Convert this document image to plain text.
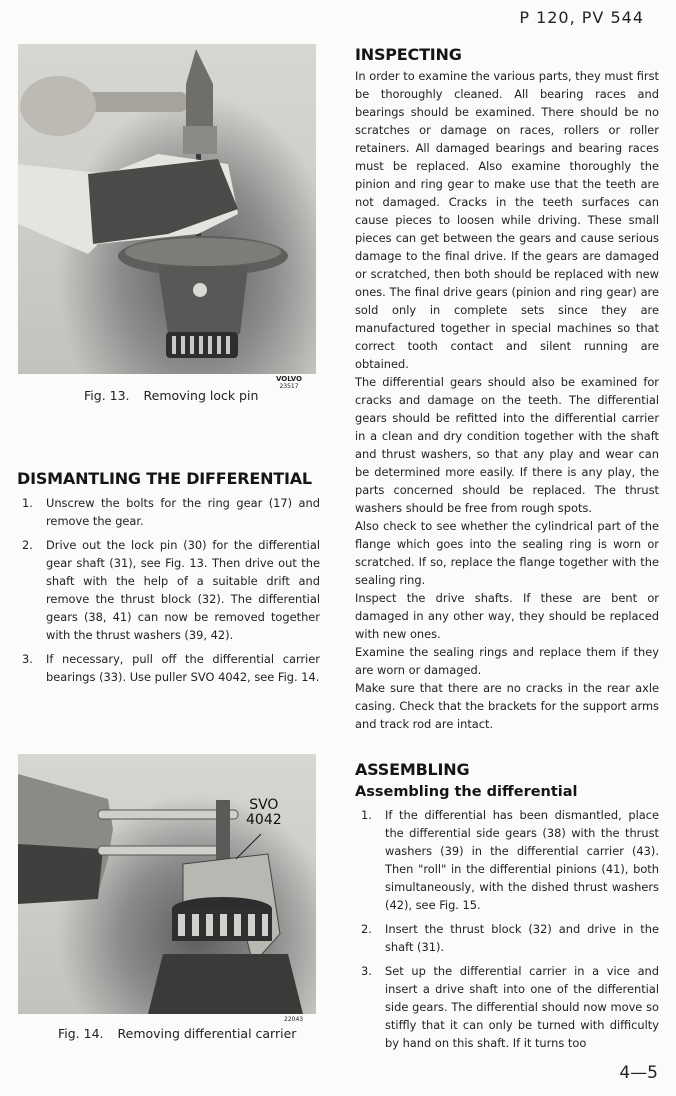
P 120, PV 544
VOLVO
23517
Fig. 13. Removing lock pin
DISMANTLING THE DIFFERENTIAL
1. Unscrew the bolts for the ring gear (17) and remove the gear.
2. Drive out the lock pin (30) for the differential gear shaft (31), see Fig. 13. Then drive out the shaft with the help of a suitable drift and remove the thrust block (32). The differential gears (38, 41) can now be removed together with the thrust washers (39, 42).
3. If necessary, pull off the differential carrier bearings (33). Use puller SVO 4042, see Fig. 14.
SVO
4042
22043
Fig. 14. Removing differential carrier
INSPECTING

In order to examine the various parts, they must first be thoroughly cleaned. All bearing races and bearings should be examined. There should be no scratches or damage on races, rollers or roller retainers. All damaged bearings and bearing races must be replaced. Also examine thoroughly the pinion and ring gear to make use that the teeth are not damaged. Cracks in the teeth surfaces can cause pieces to loosen while driving. These small pieces can get between the gears and cause serious damage to the final drive. If the gears are damaged or scratched, then both should be replaced with new ones. The final drive gears (pinion and ring gear) are sold only in complete sets since they are manufactured together in special machines so that correct tooth contact and silent running are obtained.

The differential gears should also be examined for cracks and damage on the teeth. The differential gears should be refitted into the differential carrier in a clean and dry condition together with the shaft and thrust washers, so that any play and wear can be determined more easily. If there is any play, the parts concerned should be replaced. The thrust washers should be free from rough spots.

Also check to see whether the cylindrical part of the flange which goes into the sealing ring is worn or scratched. If so, replace the flange together with the sealing ring.

Inspect the drive shafts. If these are bent or damaged in any other way, they should be replaced with new ones.

Examine the sealing rings and replace them if they are worn or damaged.

Make sure that there are no cracks in the rear axle casing. Check that the brackets for the support arms and track rod are intact.

ASSEMBLING
Assembling the differential
1. If the differential has been dismantled, place the differential side gears (38) with the thrust washers (39) in the differential carrier (43). Then "roll" in the differential pinions (41), both simultaneously, with the dished thrust washers (42), see Fig. 15.
2. Insert the thrust block (32) and drive in the shaft (31).
3. Set up the differential carrier in a vice and insert a drive shaft into one of the differential side gears. The differential should now move so stiffly that it can only be turned with difficulty by hand on this shaft. If it turns too
4—5
